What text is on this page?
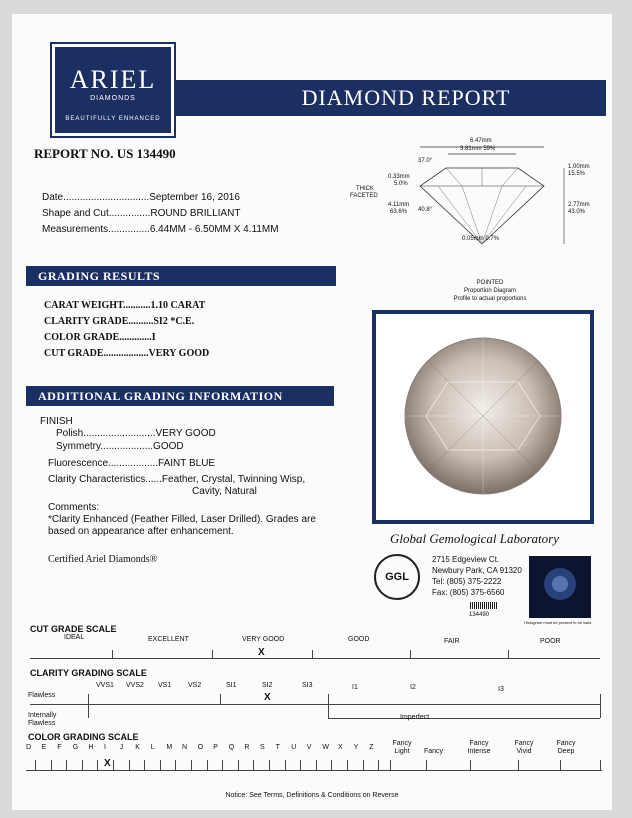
ARIEL
DIAMONDS
BEAUTIFULLY ENHANCED
DIAMOND REPORT
REPORT NO. US 134490
Date...............................September 16, 2016
Shape and Cut...............ROUND BRILLIANT
Measurements...............6.44MM - 6.50MM X 4.11MM
6.47mm
3.81mm 59%
37.0°
0.33mm
5.0%
THICK
FACETED
4.11mm
63.6% 40.8°
1.00mm
15.5%
2.77mm
43.0%
0.05mm 0.7%
GRADING RESULTS
CARAT WEIGHT...........1.10 CARAT
CLARITY GRADE..........SI2 *C.E.
COLOR GRADE.............I
CUT GRADE..................VERY GOOD
POINTED
Proportion Diagram
Profile to actual proportions
ADDITIONAL GRADING INFORMATION
FINISH
Polish..........................VERY GOOD
Symmetry...................GOOD
Fluorescence..................FAINT BLUE
Clarity Characteristics......Feather, Crystal, Twinning Wisp,
Cavity, Natural
Comments:
*Clarity Enhanced (Feather Filled, Laser Drilled). Grades are
based on appearance after enhancement.
Certified Ariel Diamonds®
Global Gemological Laboratory
GGL
2715 Edgeview Ct.
Newbury Park, CA 91320
Tel: (805) 375-2222
Fax: (805) 375-6560
134490
Histogram must be present to be valid
CUT GRADE SCALE
IDEAL	EXCELLENT	VERY GOOD	GOOD	FAIR	POOR
X
CLARITY GRADING SCALE
VVS1 VVS2 VS1 VS2	SI1	SI2	SI3	I1	I2	I3
Flawless	X
Internally
Flawless
Imperfect
COLOR GRADING SCALE
D E F G H I J K L M N O P Q R S T U V W X Y Z
Fancy Light	Fancy
Fancy Intense
Fancy Vivid
Fancy Deep
X
Notice: See Terms, Definitions & Conditions on Reverse
